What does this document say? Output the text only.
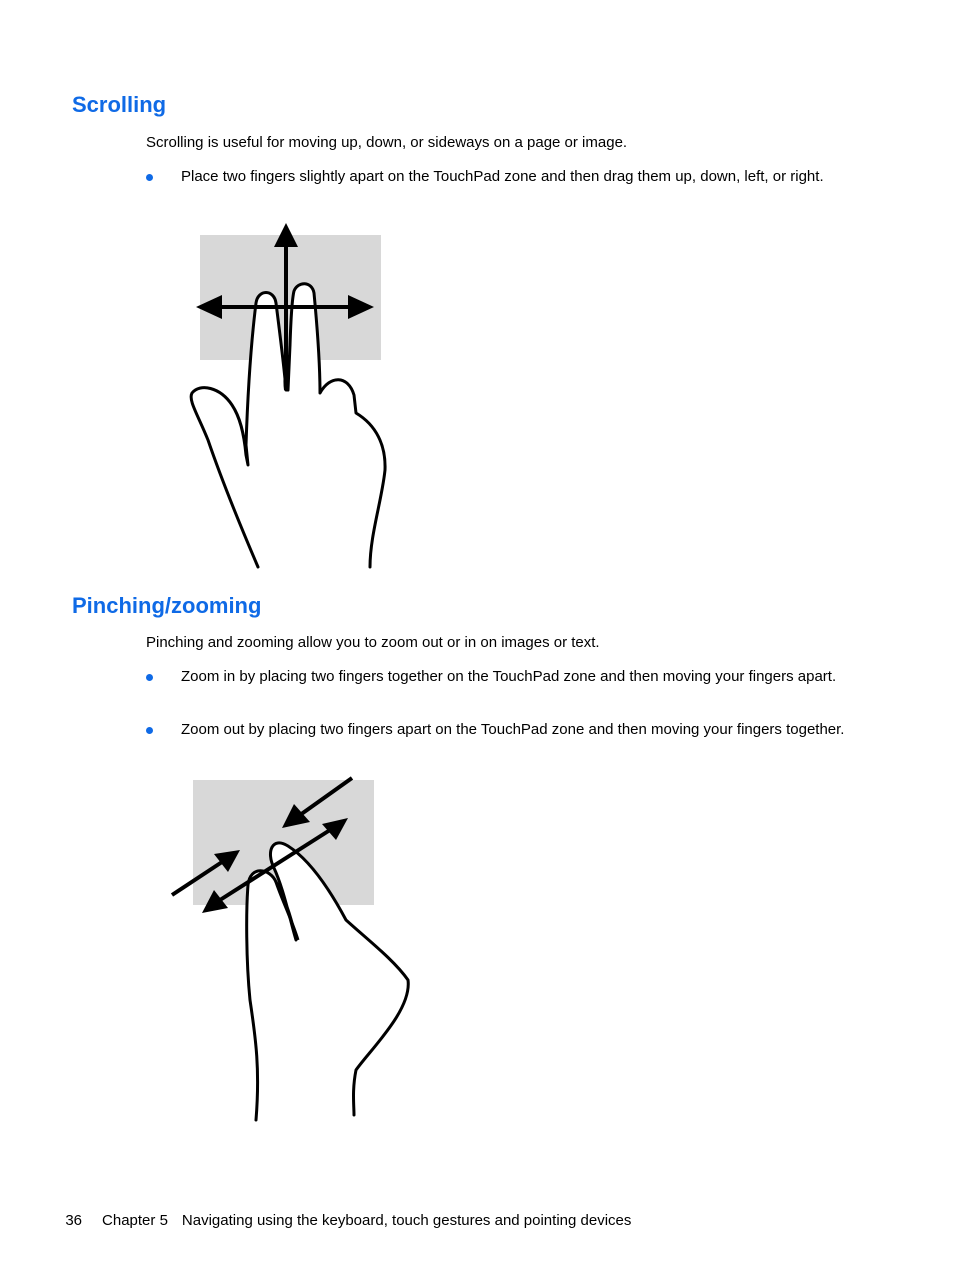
Scrolling

Scrolling is useful for moving up, down, or sideways on a page or image.

Place two fingers slightly apart on the TouchPad zone and then drag them up, down, left, or right.
Pinching/zooming

Pinching and zooming allow you to zoom out or in on images or text.

Zoom in by placing two fingers together on the TouchPad zone and then moving your fingers apart.
Zoom out by placing two fingers apart on the TouchPad zone and then moving your fingers together.

36 Chapter 5 Navigating using the keyboard, touch gestures and pointing devices
